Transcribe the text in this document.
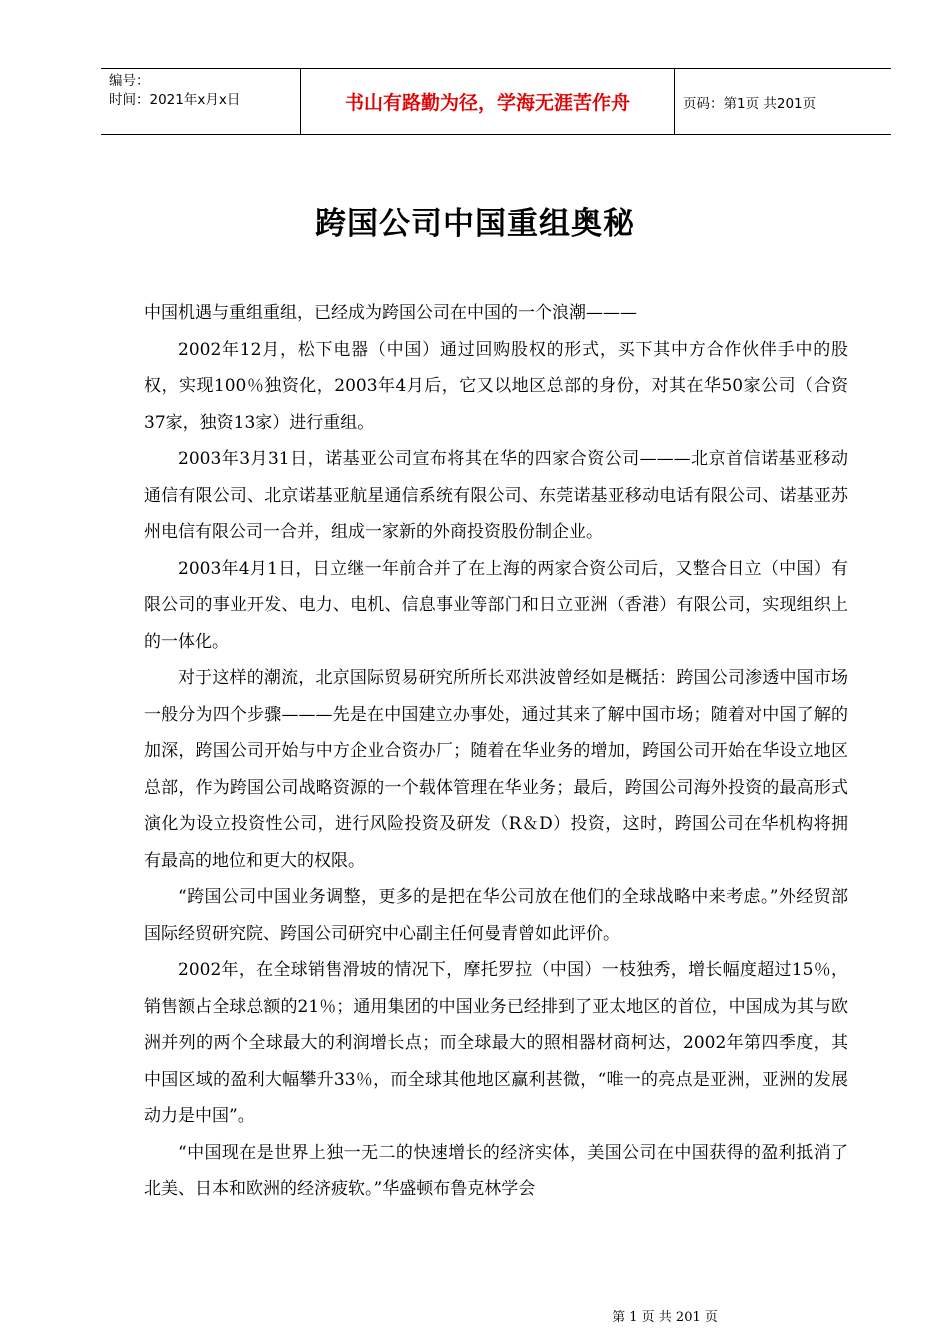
编号：
时间：2021年x月x日	书山有路勤为径，学海无涯苦作舟	页码：第1页 共201页
跨国公司中国重组奥秘

中国机遇与重组重组，已经成为跨国公司在中国的一个浪潮———

2002年12月，松下电器（中国）通过回购股权的形式，买下其中方合作伙伴手中的股权，实现100％独资化，2003年4月后，它又以地区总部的身份，对其在华50家公司（合资37家，独资13家）进行重组。

2003年3月31日，诺基亚公司宣布将其在华的四家合资公司———北京首信诺基亚移动通信有限公司、北京诺基亚航星通信系统有限公司、东莞诺基亚移动电话有限公司、诺基亚苏州电信有限公司一合并，组成一家新的外商投资股份制企业。

2003年4月1日，日立继一年前合并了在上海的两家合资公司后，又整合日立（中国）有限公司的事业开发、电力、电机、信息事业等部门和日立亚洲（香港）有限公司，实现组织上的一体化。

对于这样的潮流，北京国际贸易研究所所长邓洪波曾经如是概括：跨国公司渗透中国市场一般分为四个步骤———先是在中国建立办事处，通过其来了解中国市场；随着对中国了解的加深，跨国公司开始与中方企业合资办厂；随着在华业务的增加，跨国公司开始在华设立地区总部，作为跨国公司战略资源的一个载体管理在华业务；最后，跨国公司海外投资的最高形式演化为设立投资性公司，进行风险投资及研发（R＆D）投资，这时，跨国公司在华机构将拥有最高的地位和更大的权限。

“跨国公司中国业务调整，更多的是把在华公司放在他们的全球战略中来考虑。”外经贸部国际经贸研究院、跨国公司研究中心副主任何曼青曾如此评价。

2002年，在全球销售滑坡的情况下，摩托罗拉（中国）一枝独秀，增长幅度超过15％，销售额占全球总额的21％；通用集团的中国业务已经排到了亚太地区的首位，中国成为其与欧洲并列的两个全球最大的利润增长点；而全球最大的照相器材商柯达，2002年第四季度，其中国区域的盈利大幅攀升33％，而全球其他地区赢利甚微，“唯一的亮点是亚洲，亚洲的发展动力是中国”。

“中国现在是世界上独一无二的快速增长的经济实体，美国公司在中国获得的盈利抵消了北美、日本和欧洲的经济疲软。”华盛顿布鲁克林学会

第 1 页 共 201 页
